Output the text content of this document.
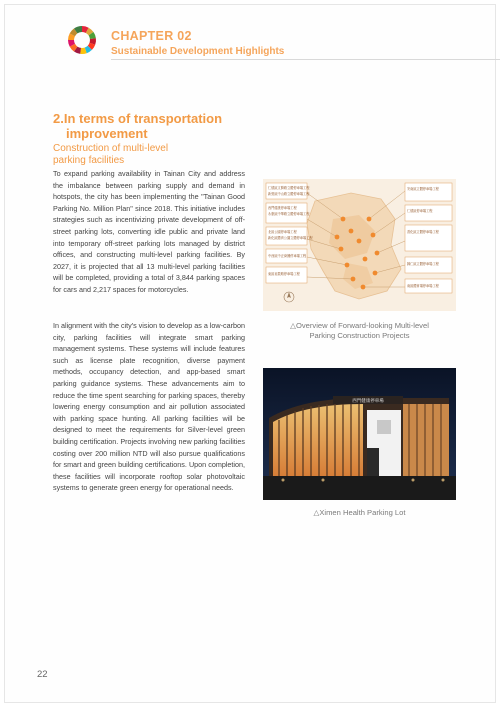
CHAPTER 02
Sustainable Development Highlights
2.In terms of transportation
improvement
Construction of multi-level
parking facilities

To expand parking availability in Tainan City and address the imbalance between parking supply and demand in hotspots, the city has been implementing the "Tainan Good Parking No. Million Plan" since 2018. This initiative includes strategies such as incentivizing private development of off-street parking lots, converting idle public and private land into temporary off-street parking lots managed by district offices, and constructing multi-level parking facilities. By 2027, it is projected that all 13 multi-level parking facilities will be completed, providing a total of 3,844 parking spaces for cars and 2,217 spaces for motorcycles.

In alignment with the city's vision to develop as a low-carbon city, parking facilities will integrate smart parking management systems. These systems will include features such as license plate recognition, diverse payment methods, occupancy detection, and app-based smart parking guidance systems. These advancements aim to reduce the time spent searching for parking spaces, thereby lowering energy consumption and air pollution associated with parking space hunting. All parking facilities will be designed to meet the requirements for Silver-level green building certification. Projects involving new parking facilities costing over 200 million NTD will also pursue qualifications for smart and green building certifications. Upon completion, these facilities will incorporate rooftop solar photovoltaic systems to generate green energy for operational needs.

仁德區文賢路立體停車場工程
新營區中山路立體停車場工程
西門健康停車場工程
永康區中華路立體停車場工程
北區公園停車場工程
新化區體育公園立體停車場工程
中西區中正商圈停車場工程
東區裕農路停車場工程
安南區立體停車場工程
仁德區停車場工程
善化區立體停車場工程
歸仁區立體停車場工程
南區體育場停車場工程
△Overview of Forward-looking Multi-level
Parking Construction Projects
西門健康停車場
△Ximen Health Parking Lot
22
